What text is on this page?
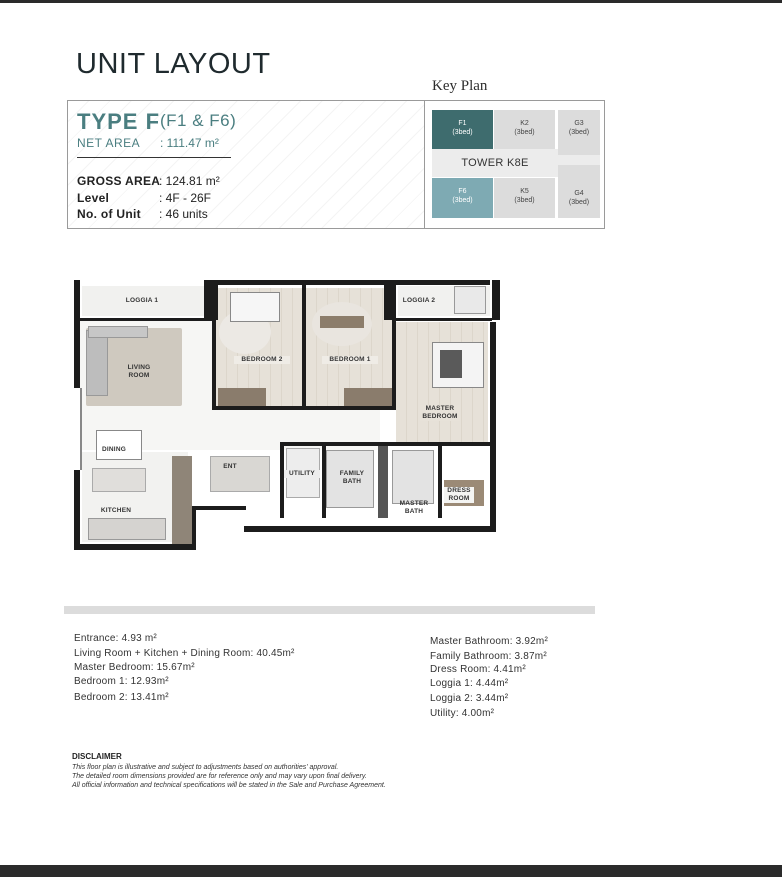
UNIT LAYOUT
Key Plan
TYPE F (F1 & F6)
NET AREA : 111.47 m²
GROSS AREA
: 124.81 m²
Level	: 4F - 26F
No. of Unit : 46 units
F1
(3bed)
K2
(3bed)
G3
(3bed)
TOWER K8E
F6
(3bed)
K5
(3bed)
G4
(3bed)
LOGGIA 1
LIVING ROOM
BEDROOM 2	BEDROOM 1
LOGGIA 2
MASTER BEDROOM
DINING
ENT
UTILITY	FAMILY BATH
MASTER BATH
DRESS ROOM
KITCHEN
Entrance: 4.93 m²
Living Room + Kitchen + Dining Room: 40.45m²
Master Bedroom: 15.67m²
Bedroom 1: 12.93m²
Bedroom 2: 13.41m²
Master Bathroom: 3.92m²
Family Bathroom: 3.87m²
Dress Room: 4.41m²
Loggia 1: 4.44m²
Loggia 2: 3.44m²
Utility: 4.00m²
DISCLAIMER
This floor plan is illustrative and subject to adjustments based on authorities' approval.
The detailed room dimensions provided are for reference only and may vary upon final delivery.
All official information and technical specifications will be stated in the Sale and Purchase Agreement.
